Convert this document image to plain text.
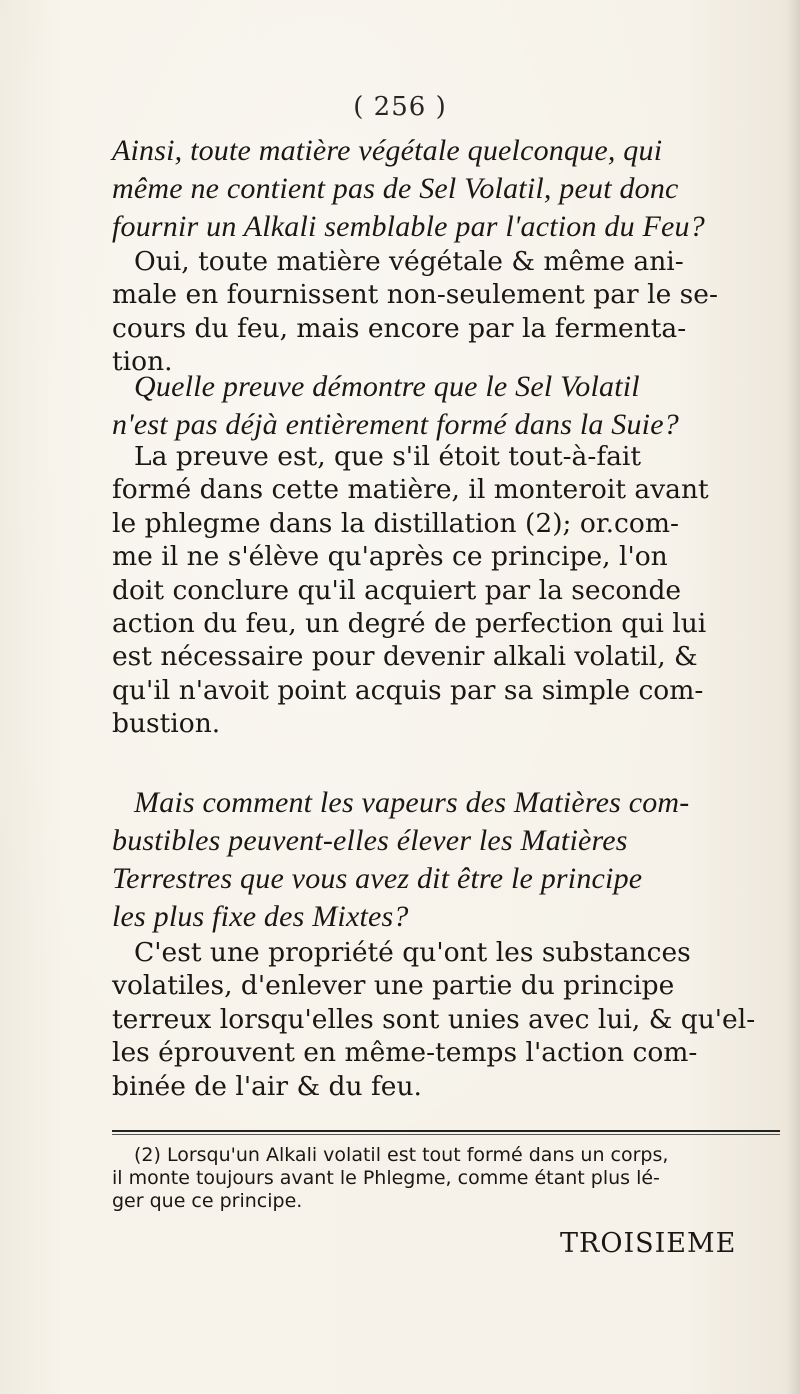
( 256 )
Ainsi, toute matière végétale quelconque, qui
même ne contient pas de Sel Volatil, peut donc
fournir un Alkali semblable par l'action du Feu?
Oui, toute matière végétale & même ani-
male en fournissent non-seulement par le se-
cours du feu, mais encore par la fermenta-
tion.
Quelle preuve démontre que le Sel Volatil
n'est pas déjà entièrement formé dans la Suie?
La preuve est, que s'il étoit tout-à-fait
formé dans cette matière, il monteroit avant
le phlegme dans la distillation (2); or.com-
me il ne s'élève qu'après ce principe, l'on
doit conclure qu'il acquiert par la seconde
action du feu, un degré de perfection qui lui
est nécessaire pour devenir alkali volatil, &
qu'il n'avoit point acquis par sa simple com-
bustion.
Mais comment les vapeurs des Matières com-
bustibles peuvent-elles élever les Matières
Terrestres que vous avez dit être le principe
les plus fixe des Mixtes?
C'est une propriété qu'ont les substances
volatiles, d'enlever une partie du principe
terreux lorsqu'elles sont unies avec lui, & qu'el-
les éprouvent en même-temps l'action com-
binée de l'air & du feu.
(2) Lorsqu'un Alkali volatil est tout formé dans un corps,
il monte toujours avant le Phlegme, comme étant plus lé-
ger que ce principe.
TROISIEME
